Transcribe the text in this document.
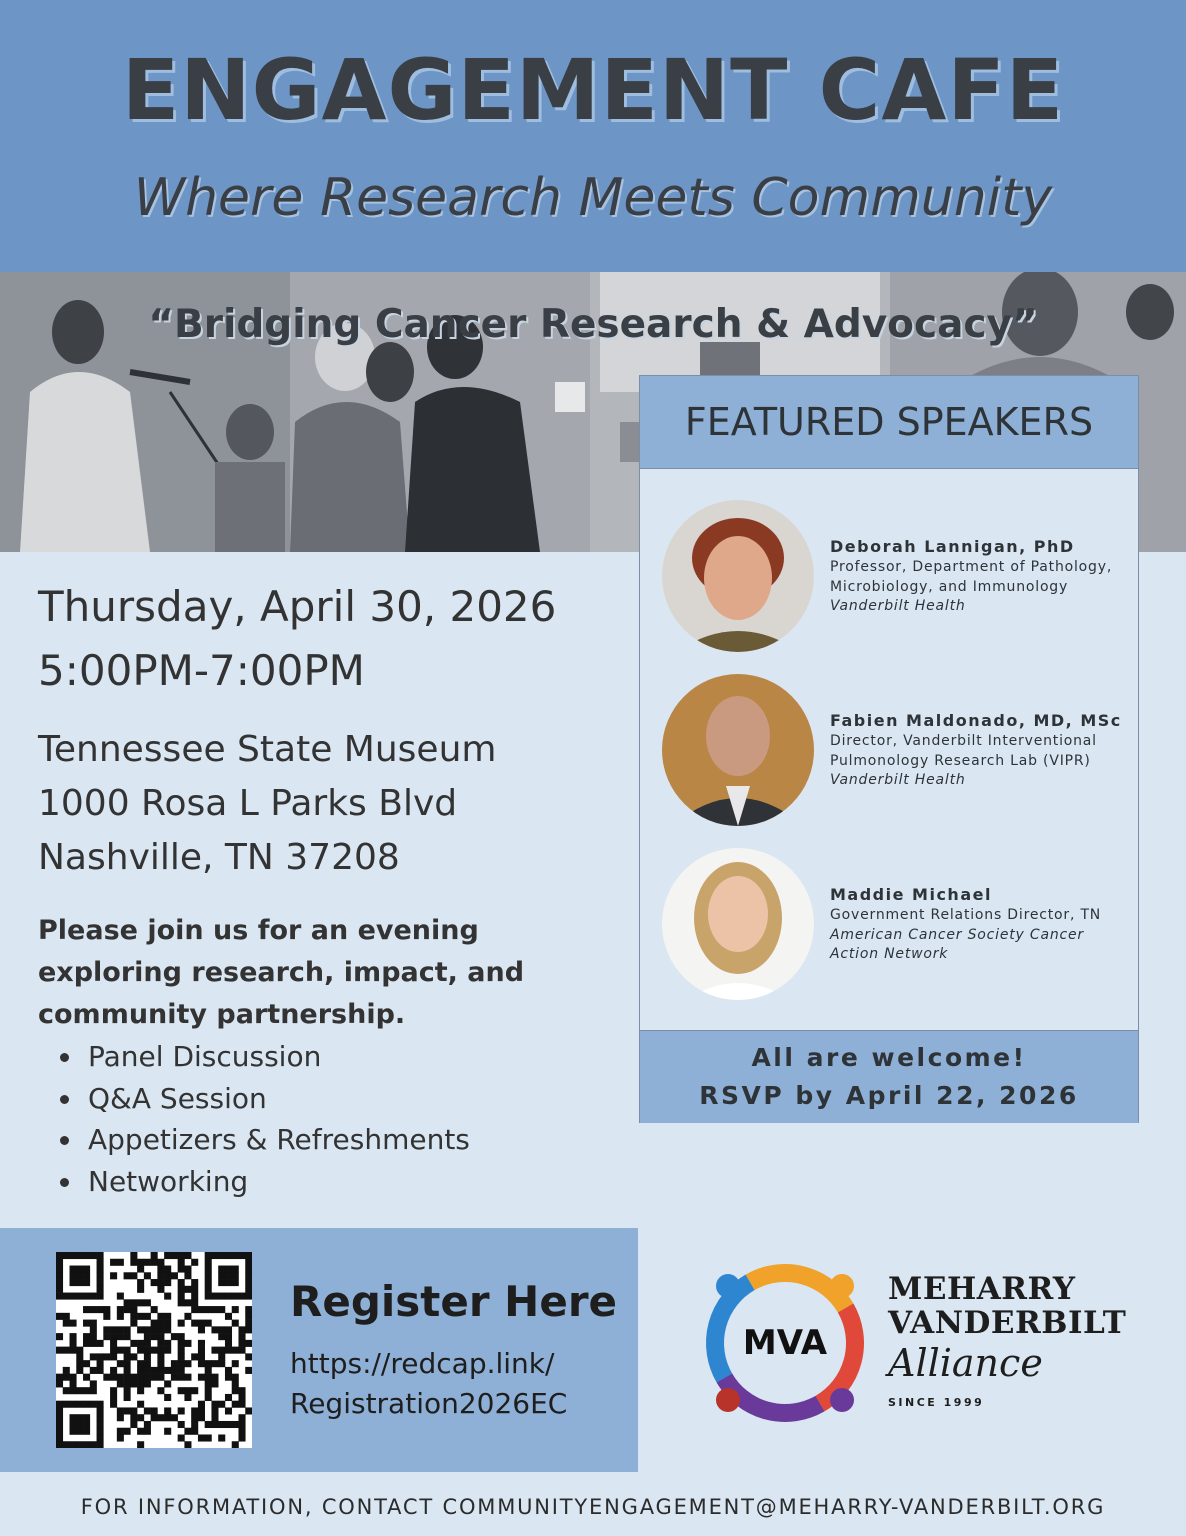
ENGAGEMENT CAFE
Where Research Meets Community
“Bridging Cancer Research & Advocacy”
Thursday, April 30, 2026
5:00PM-7:00PM
Tennessee State Museum
1000 Rosa L Parks Blvd
Nashville, TN 37208
Please join us for an evening exploring research, impact, and community partnership.
Panel Discussion
Q&A Session
Appetizers & Refreshments
Networking
FEATURED SPEAKERS
Deborah Lannigan, PhD
Professor, Department of Pathology,
Microbiology, and Immunology
Vanderbilt Health
Fabien Maldonado, MD, MSc
Director, Vanderbilt Interventional
Pulmonology Research Lab (VIPR)
Vanderbilt Health
Maddie Michael
Government Relations Director, TN
American Cancer Society Cancer
Action Network
All are welcome!
RSVP by April 22, 2026
Register Here
https://redcap.link/
Registration2026EC
MVA
MEHARRY
VANDERBILT
Alliance
SINCE 1999
FOR INFORMATION, CONTACT COMMUNITYENGAGEMENT@MEHARRY-VANDERBILT.ORG
